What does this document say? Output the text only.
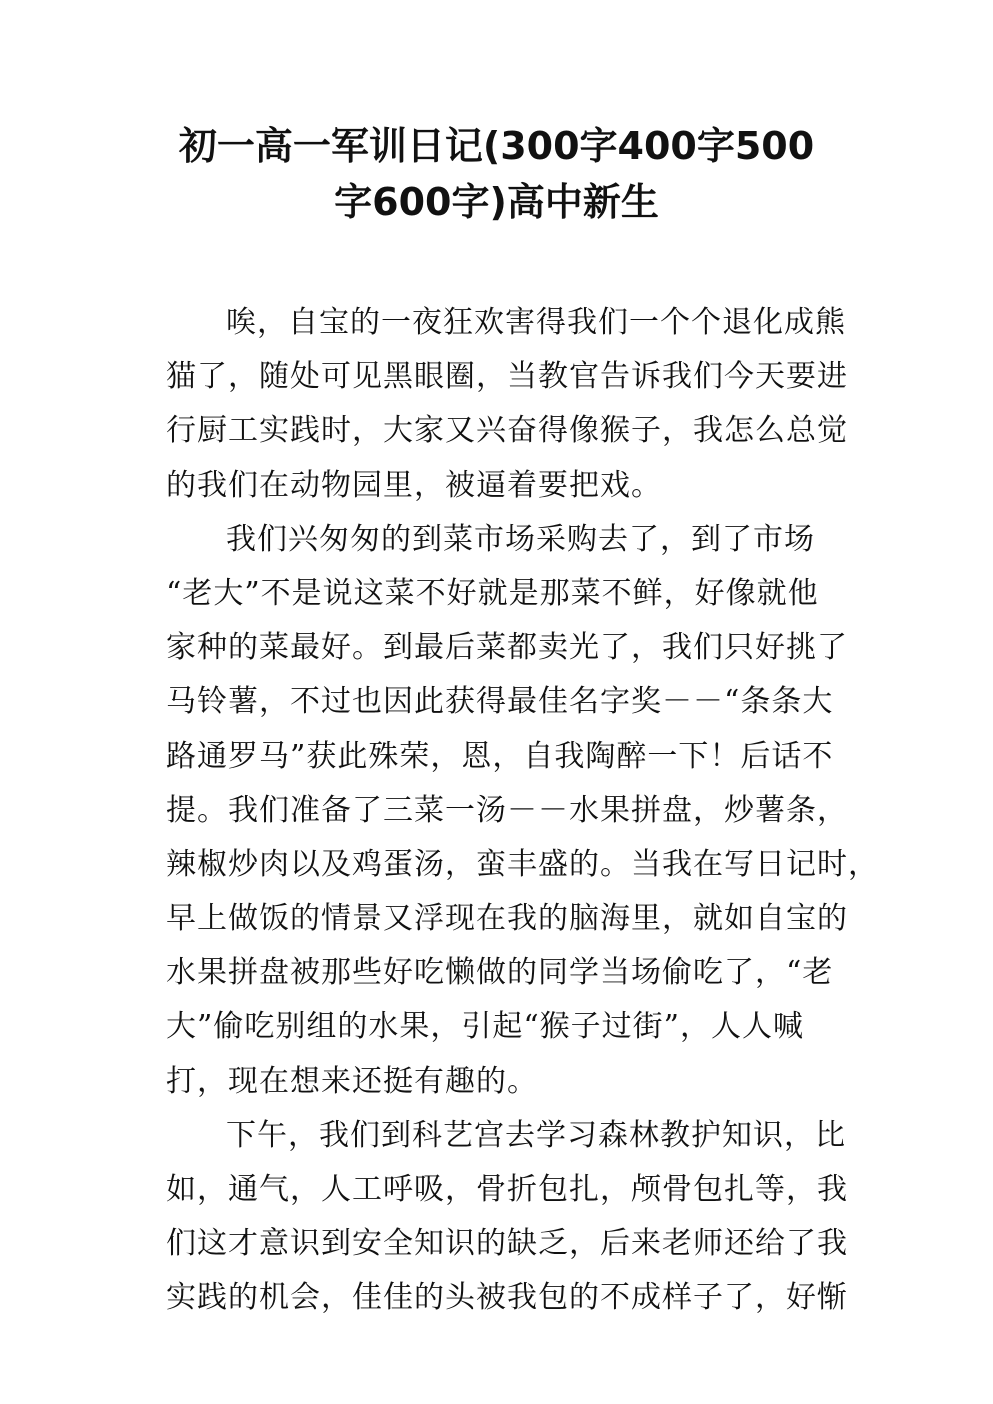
初一高一军训日记(300字400字500
字600字)高中新生
唉，自宝的一夜狂欢害得我们一个个退化成熊
猫了，随处可见黑眼圈，当教官告诉我们今天要进
行厨工实践时，大家又兴奋得像猴子，我怎么总觉
的我们在动物园里，被逼着要把戏。
我们兴匆匆的到菜市场采购去了，到了市场
“老大”不是说这菜不好就是那菜不鲜，好像就他
家种的菜最好。到最后菜都卖光了，我们只好挑了
马铃薯，不过也因此获得最佳名字奖－－“条条大
路通罗马”获此殊荣，恩，自我陶醉一下！后话不
提。我们准备了三菜一汤－－水果拼盘，炒薯条，
辣椒炒肉以及鸡蛋汤，蛮丰盛的。当我在写日记时，
早上做饭的情景又浮现在我的脑海里，就如自宝的
水果拼盘被那些好吃懒做的同学当场偷吃了，“老
大”偷吃别组的水果，引起“猴子过街”，人人喊
打，现在想来还挺有趣的。
下午，我们到科艺宫去学习森林教护知识，比
如，通气，人工呼吸，骨折包扎，颅骨包扎等，我
们这才意识到安全知识的缺乏，后来老师还给了我
实践的机会，佳佳的头被我包的不成样子了，好惭
